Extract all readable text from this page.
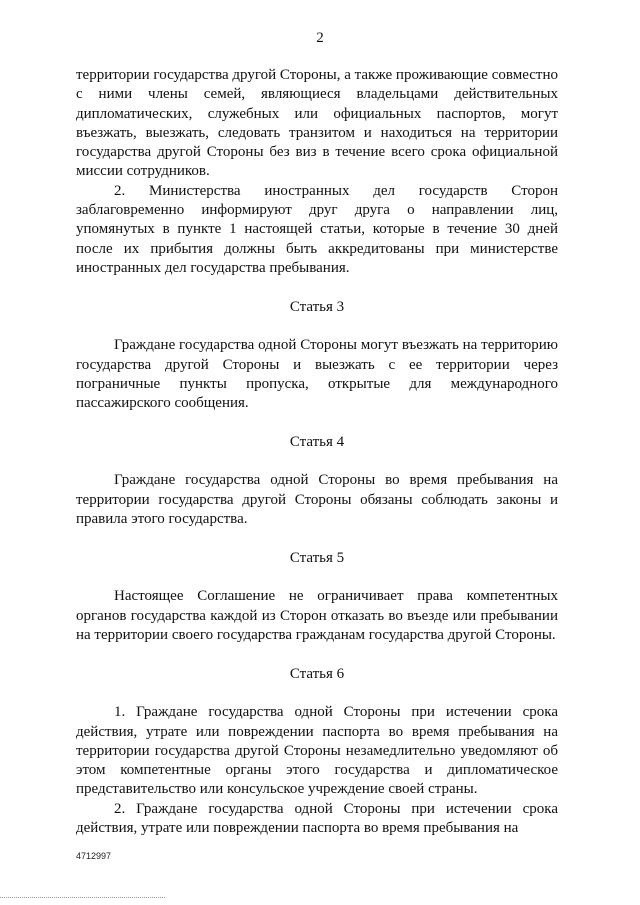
2

территории государства другой Стороны, а также проживающие совместно с ними члены семей, являющиеся владельцами действительных дипломатических, служебных или официальных паспортов, могут въезжать, выезжать, следовать транзитом и находиться на территории государства другой Стороны без виз в течение всего срока официальной миссии сотрудников.

2. Министерства иностранных дел государств Сторон заблаговременно информируют друг друга о направлении лиц, упомянутых в пункте 1 настоящей статьи, которые в течение 30 дней после их прибытия должны быть аккредитованы при министерстве иностранных дел государства пребывания.

Статья 3

Граждане государства одной Стороны могут въезжать на территорию государства другой Стороны и выезжать с ее территории через пограничные пункты пропуска, открытые для международного пассажирского сообщения.

Статья 4

Граждане государства одной Стороны во время пребывания на территории государства другой Стороны обязаны соблюдать законы и правила этого государства.

Статья 5

Настоящее Соглашение не ограничивает права компетентных органов государства каждой из Сторон отказать во въезде или пребывании на территории своего государства гражданам государства другой Стороны.

Статья 6

1. Граждане государства одной Стороны при истечении срока действия, утрате или повреждении паспорта во время пребывания на территории государства другой Стороны незамедлительно уведомляют об этом компетентные органы этого государства и дипломатическое представительство или консульское учреждение своей страны.

2. Граждане государства одной Стороны при истечении срока действия, утрате или повреждении паспорта во время пребывания на

4712997
